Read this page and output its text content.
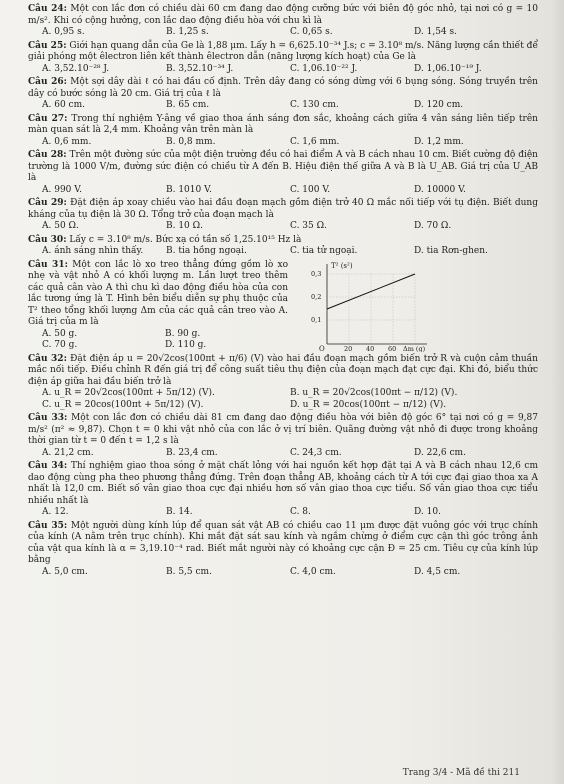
Câu 24: Một con lắc đơn có chiều dài 60 cm đang dao động cưỡng bức với biên độ góc nhỏ, tại nơi có g = 10 m/s². Khi có cộng hưởng, con lắc dao động điều hòa với chu kì là

A. 0,95 s.	B. 1,25 s.	C. 0,65 s.	D. 1,54 s.

Câu 25: Giới hạn quang dẫn của Ge là 1,88 μm. Lấy h = 6,625.10⁻³⁴ J.s; c = 3.10⁸ m/s. Năng lượng cần thiết để giải phóng một êlectron liên kết thành êlectron dẫn (năng lượng kích hoạt) của Ge là

A. 3,52.10⁻²⁸ J.	B. 3,52.10⁻³⁴ J.	C. 1,06.10⁻²² J.	D. 1,06.10⁻¹⁹ J.

Câu 26: Một sợi dây dài ℓ có hai đầu cố định. Trên dây đang có sóng dừng với 6 bụng sóng. Sóng truyền trên dây có bước sóng là 20 cm. Giá trị của ℓ là

A. 60 cm.	B. 65 cm.	C. 130 cm.	D. 120 cm.

Câu 27: Trong thí nghiệm Y-âng về giao thoa ánh sáng đơn sắc, khoảng cách giữa 4 vân sáng liên tiếp trên màn quan sát là 2,4 mm. Khoảng vân trên màn là

A. 0,6 mm.	B. 0,8 mm.	C. 1,6 mm.	D. 1,2 mm.

Câu 28: Trên một đường sức của một điện trường đều có hai điểm A và B cách nhau 10 cm. Biết cường độ điện trường là 1000 V/m, đường sức điện có chiều từ A đến B. Hiệu điện thế giữa A và B là U_AB. Giá trị của U_AB là

A. 990 V.	B. 1010 V.	C. 100 V.	D. 10000 V.

Câu 29: Đặt điện áp xoay chiều vào hai đầu đoạn mạch gồm điện trở 40 Ω mắc nối tiếp với tụ điện. Biết dung kháng của tụ điện là 30 Ω. Tổng trở của đoạn mạch là

A. 50 Ω.	B. 10 Ω.	C. 35 Ω.	D. 70 Ω.

Câu 30: Lấy c = 3.10⁸ m/s. Bức xạ có tần số 1,25.10¹⁵ Hz là

A. ánh sáng nhìn thấy.	B. tia hồng ngoại.	C. tia tử ngoại.	D. tia Rơn-ghen.

Câu 31: Một con lắc lò xo treo thẳng đứng gồm lò xo nhẹ và vật nhỏ A có khối lượng m. Lần lượt treo thêm các quả cân vào A thì chu kì dao động điều hòa của con lắc tương ứng là T. Hình bên biểu diễn sự phụ thuộc của T² theo tổng khối lượng Δm của các quả cân treo vào A. Giá trị của m là

A. 50 g.	B. 90 g.
C. 70 g.	D. 110 g.
T² (s²)
0,3
0,2
0,1
O	20 40 60 Δm (g)

Câu 32: Đặt điện áp u = 20√2cos(100πt + π/6) (V) vào hai đầu đoạn mạch gồm biến trở R và cuộn cảm thuần mắc nối tiếp. Điều chỉnh R đến giá trị để công suất tiêu thụ điện của đoạn mạch đạt cực đại. Khi đó, biểu thức điện áp giữa hai đầu biến trở là

A. u_R = 20√2cos(100πt + 5π/12) (V).	B. u_R = 20√2cos(100πt − π/12) (V).
C. u_R = 20cos(100πt + 5π/12) (V).	D. u_R = 20cos(100πt − π/12) (V).

Câu 33: Một con lắc đơn có chiều dài 81 cm đang dao động điều hòa với biên độ góc 6° tại nơi có g = 9,87 m/s² (π² ≈ 9,87). Chọn t = 0 khi vật nhỏ của con lắc ở vị trí biên. Quãng đường vật nhỏ đi được trong khoảng thời gian từ t = 0 đến t = 1,2 s là

A. 21,2 cm.	B. 23,4 cm.	C. 24,3 cm.	D. 22,6 cm.

Câu 34: Thí nghiệm giao thoa sóng ở mặt chất lỏng với hai nguồn kết hợp đặt tại A và B cách nhau 12,6 cm dao động cùng pha theo phương thẳng đứng. Trên đoạn thẳng AB, khoảng cách từ A tới cực đại giao thoa xa A nhất là 12,0 cm. Biết số vân giao thoa cực đại nhiều hơn số vân giao thoa cực tiểu. Số vân giao thoa cực tiểu nhiều nhất là

A. 12.	B. 14.	C. 8.	D. 10.

Câu 35: Một người dùng kính lúp để quan sát vật AB có chiều cao 11 μm được đặt vuông góc với trục chính của kính (A nằm trên trục chính). Khi mắt đặt sát sau kính và ngắm chừng ở điểm cực cận thì góc trông ảnh của vật qua kính là α = 3,19.10⁻⁴ rad. Biết mắt người này có khoảng cực cận Đ = 25 cm. Tiêu cự của kính lúp bằng

A. 5,0 cm.	B. 5,5 cm.	C. 4,0 cm.	D. 4,5 cm.
Trang 3/4 - Mã đề thi 211
